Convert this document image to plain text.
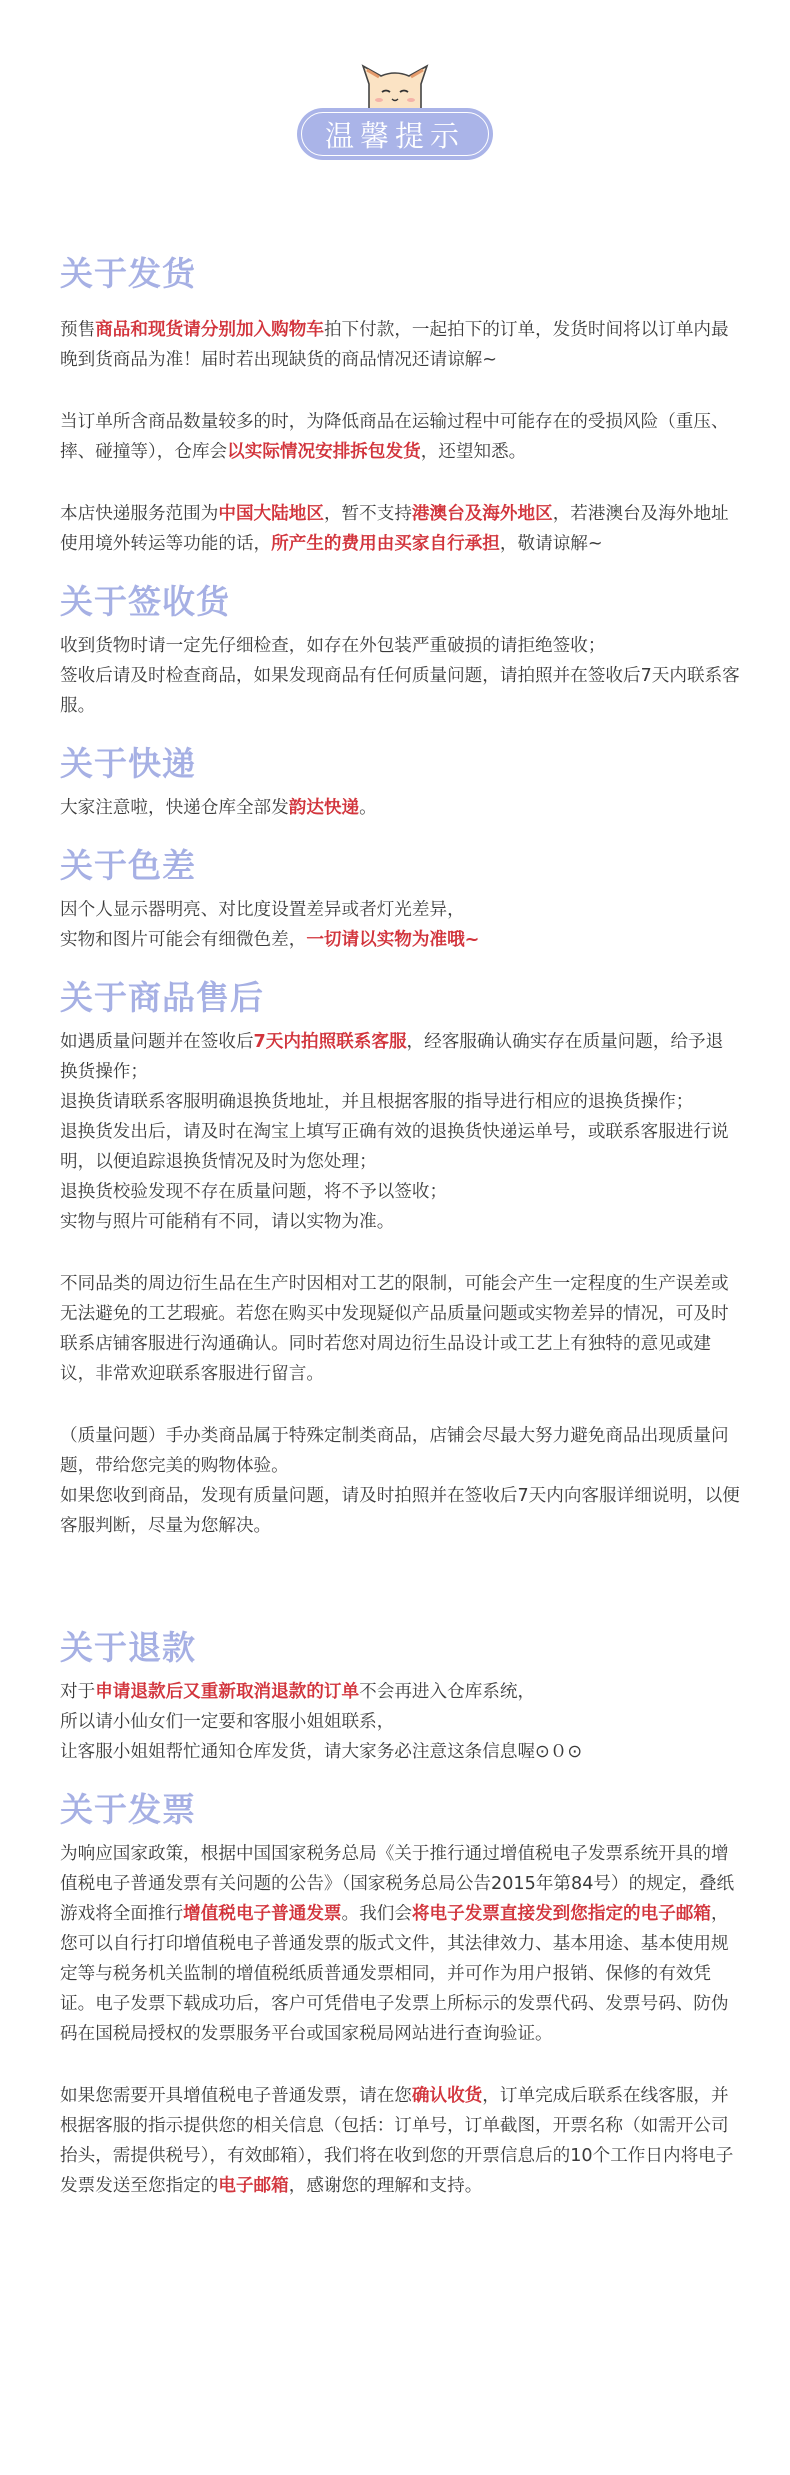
温馨提示
关于发货

预售商品和现货请分别加入购物车拍下付款，一起拍下的订单，发货时间将以订单内最晚到货商品为准！届时若出现缺货的商品情况还请谅解~

当订单所含商品数量较多的时，为降低商品在运输过程中可能存在的受损风险（重压、摔、碰撞等），仓库会以实际情况安排拆包发货，还望知悉。

本店快递服务范围为中国大陆地区，暂不支持港澳台及海外地区，若港澳台及海外地址使用境外转运等功能的话，所产生的费用由买家自行承担，敬请谅解~

关于签收货

收到货物时请一定先仔细检查，如存在外包装严重破损的请拒绝签收；

签收后请及时检查商品，如果发现商品有任何质量问题，请拍照并在签收后7天内联系客服。

关于快递

大家注意啦，快递仓库全部发韵达快递。

关于色差

因个人显示器明亮、对比度设置差异或者灯光差异，

实物和图片可能会有细微色差，一切请以实物为准哦~

关于商品售后

如遇质量问题并在签收后7天内拍照联系客服，经客服确认确实存在质量问题，给予退换货操作；

退换货请联系客服明确退换货地址，并且根据客服的指导进行相应的退换货操作；

退换货发出后，请及时在淘宝上填写正确有效的退换货快递运单号，或联系客服进行说明，以便追踪退换货情况及时为您处理；

退换货校验发现不存在质量问题，将不予以签收；

实物与照片可能稍有不同，请以实物为准。

不同品类的周边衍生品在生产时因相对工艺的限制，可能会产生一定程度的生产误差或无法避免的工艺瑕疵。若您在购买中发现疑似产品质量问题或实物差异的情况，可及时联系店铺客服进行沟通确认。同时若您对周边衍生品设计或工艺上有独特的意见或建议，非常欢迎联系客服进行留言。

（质量问题）手办类商品属于特殊定制类商品，店铺会尽最大努力避免商品出现质量问题，带给您完美的购物体验。

如果您收到商品，发现有质量问题，请及时拍照并在签收后7天内向客服详细说明，以便客服判断，尽量为您解决。

关于退款

对于申请退款后又重新取消退款的订单不会再进入仓库系统，

所以请小仙女们一定要和客服小姐姐联系，

让客服小姐姐帮忙通知仓库发货，请大家务必注意这条信息喔⊙０⊙

关于发票

为响应国家政策，根据中国国家税务总局《关于推行通过增值税电子发票系统开具的增值税电子普通发票有关问题的公告》（国家税务总局公告2015年第84号）的规定，叠纸游戏将全面推行增值税电子普通发票。我们会将电子发票直接发到您指定的电子邮箱，您可以自行打印增值税电子普通发票的版式文件，其法律效力、基本用途、基本使用规定等与税务机关监制的增值税纸质普通发票相同，并可作为用户报销、保修的有效凭证。电子发票下载成功后，客户可凭借电子发票上所标示的发票代码、发票号码、防伪码在国税局授权的发票服务平台或国家税局网站进行查询验证。

如果您需要开具增值税电子普通发票，请在您确认收货，订单完成后联系在线客服，并根据客服的指示提供您的相关信息（包括：订单号，订单截图，开票名称（如需开公司抬头，需提供税号），有效邮箱），我们将在收到您的开票信息后的10个工作日内将电子发票发送至您指定的电子邮箱，感谢您的理解和支持。
